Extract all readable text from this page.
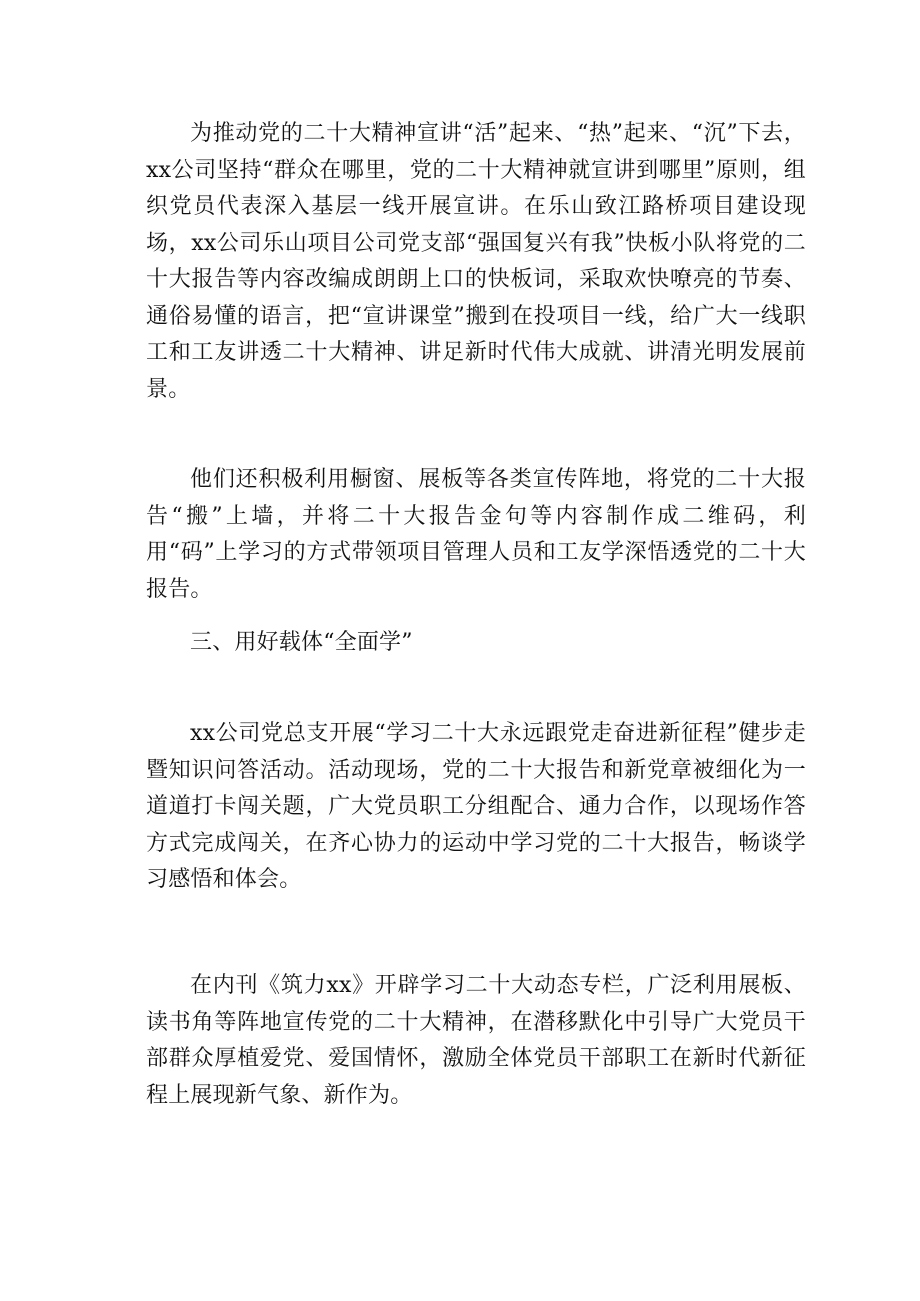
为推动党的二十大精神宣讲“活”起来、“热”起来、“沉”下去，xx公司坚持“群众在哪里，党的二十大精神就宣讲到哪里”原则，组织党员代表深入基层一线开展宣讲。在乐山致江路桥项目建设现场，xx公司乐山项目公司党支部“强国复兴有我”快板小队将党的二十大报告等内容改编成朗朗上口的快板词，采取欢快嘹亮的节奏、通俗易懂的语言，把“宣讲课堂”搬到在投项目一线，给广大一线职工和工友讲透二十大精神、讲足新时代伟大成就、讲清光明发展前景。

他们还积极利用橱窗、展板等各类宣传阵地，将党的二十大报告“搬”上墙，并将二十大报告金句等内容制作成二维码，利用“码”上学习的方式带领项目管理人员和工友学深悟透党的二十大报告。

三、用好载体“全面学”

xx公司党总支开展“学习二十大永远跟党走奋进新征程”健步走暨知识问答活动。活动现场，党的二十大报告和新党章被细化为一道道打卡闯关题，广大党员职工分组配合、通力合作，以现场作答方式完成闯关，在齐心协力的运动中学习党的二十大报告，畅谈学习感悟和体会。

在内刊《筑力xx》开辟学习二十大动态专栏，广泛利用展板、读书角等阵地宣传党的二十大精神，在潜移默化中引导广大党员干部群众厚植爱党、爱国情怀，激励全体党员干部职工在新时代新征程上展现新气象、新作为。
